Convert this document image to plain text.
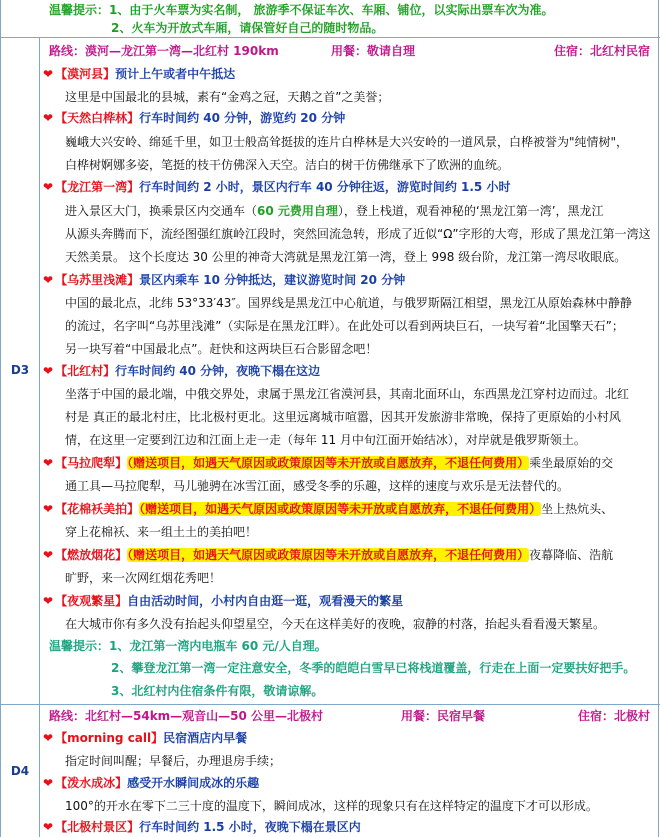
温馨提示：1、由于火车票为实名制， 旅游季不保证车次、车厢、铺位，以实际出票车次为准。
2、火车为开放式车厢，请保管好自己的随时物品。
D3
路线：漠河—龙江第一湾—北红村 190km	用餐：敬请自理	住宿：北红村民宿
❤ 【漠河县】预计上午或者中午抵达
这里是中国最北的县城，素有“金鸡之冠，天鹅之首”之美誉；
❤ 【天然白桦林】行车时间约 40 分钟，游览约 20 分钟
巍峨大兴安岭、绵延千里，如卫士般高耸挺拔的连片白桦林是大兴安岭的一道风景，白桦被誉为"纯情树"，
白桦树婀娜多姿，笔挺的枝干仿佛深入天空。洁白的树干仿佛继承下了欧洲的血统。
❤ 【龙江第一湾】行车时间约 2 小时，景区内行车 40 分钟往返，游览时间约 1.5 小时
进入景区大门，换乘景区内交通车（60 元费用自理），登上栈道，观看神秘的‘黑龙江第一湾’，黑龙江
从源头奔腾而下，流经图强红旗岭江段时，突然回流急转，形成了近似“Ω”字形的大弯，形成了黑龙江第一湾这
天然美景。 这个长度达 30 公里的神奇大湾就是黑龙江第一湾，登上 998 级台阶，龙江第一湾尽收眼底。
❤ 【乌苏里浅滩】景区内乘车 10 分钟抵达，建议游览时间 20 分钟
中国的最北点，北纬 53°33′43″。国界线是黑龙江中心航道，与俄罗斯隔江相望，黑龙江从原始森林中静静
的流过，名字叫“乌苏里浅滩”（实际是在黑龙江畔）。在此处可以看到两块巨石，一块写着“北国擎天石”；
另一块写着“中国最北点”。赶快和这两块巨石合影留念吧！
❤ 【北红村】行车时间约 40 分钟，夜晚下榻在这边
坐落于中国的最北端，中俄交界处，隶属于黑龙江省漠河县，其南北面环山，东西黑龙江穿村边而过。北红
村是 真正的最北村庄，比北极村更北。这里远离城市喧嚣，因其开发旅游非常晚，保持了更原始的小村风
情，在这里一定要到江边和江面上走一走（每年 11 月中旬江面开始结冰），对岸就是俄罗斯领土。
❤ 【马拉爬犁】（赠送项目，如遇天气原因或政策原因等未开放或自愿放弃，不退任何费用）乘坐最原始的交
通工具—马拉爬犁，马儿驰骋在冰雪江面，感受冬季的乐趣，这样的速度与欢乐是无法替代的。
❤ 【花棉袄美拍】（赠送项目，如遇天气原因或政策原因等未开放或自愿放弃，不退任何费用）坐上热炕头、
穿上花棉袄、来一组土土的美拍吧！
❤ 【燃放烟花】（赠送项目，如遇天气原因或政策原因等未开放或自愿放弃，不退任何费用）夜幕降临、浩航
旷野，来一次网红烟花秀吧！
❤ 【夜观繁星】自由活动时间，小村内自由逛一逛，观看漫天的繁星
在大城市你有多久没有抬起头仰望星空，今天在这样美好的夜晚，寂静的村落，抬起头看看漫天繁星。
温馨提示：1、龙江第一湾内电瓶车 60 元/人自理。
2、攀登龙江第一湾一定注意安全，冬季的皑皑白雪早已将栈道覆盖，行走在上面一定要扶好把手。
3、北红村内住宿条件有限，敬请谅解。
D4
路线：北红村—54km—观音山—50 公里—北极村	用餐：民宿早餐	住宿：北极村
❤ 【morning call】民宿酒店内早餐
指定时间叫醒；早餐后，办理退房手续；
❤ 【泼水成冰】感受开水瞬间成冰的乐趣
100°的开水在零下二三十度的温度下，瞬间成冰，这样的现象只有在这样特定的温度下才可以形成。
❤ 【北极村景区】行车时间约 1.5 小时，夜晚下榻在景区内
